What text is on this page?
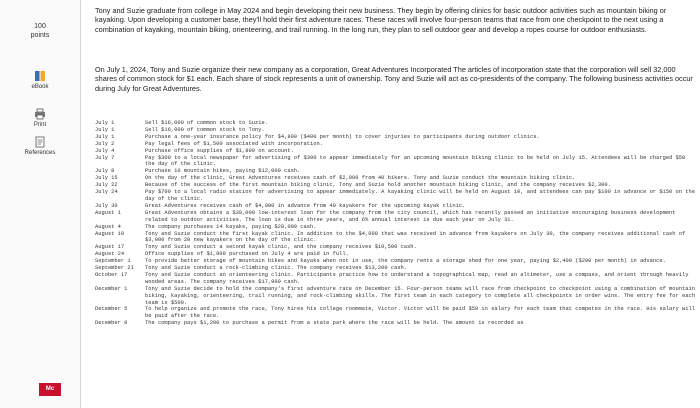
100
points
eBook
Print
References
Mc

Tony and Suzie graduate from college in May 2024 and begin developing their new business. They begin by offering clinics for basic outdoor activities such as mountain biking or kayaking. Upon developing a customer base, they'll hold their first adventure races. These races will involve four-person teams that race from one checkpoint to the next using a combination of kayaking, mountain biking, orienteering, and trail running. In the long run, they plan to sell outdoor gear and develop a ropes course for outdoor enthusiasts.

On July 1, 2024, Tony and Suzie organize their new company as a corporation, Great Adventures Incorporated The articles of incorporation state that the corporation will sell 32,000 shares of common stock for $1 each. Each share of stock represents a unit of ownership. Tony and Suzie will act as co-presidents of the company. The following business activities occur during July for Great Adventures.

July 1	Sell $16,000 of common stock to Suzie.
July 1	Sell $16,000 of common stock to Tony.
July 1	Purchase a one-year insurance policy for $4,800 ($400 per month) to cover injuries to participants during outdoor clinics.
July 2	Pay legal fees of $1,500 associated with incorporation.
July 4	Purchase office supplies of $1,800 on account.
July 7	Pay $300 to a local newspaper for advertising of $300 to appear immediately for an upcoming mountain biking clinic to be held on July 15. Attendees will be charged $50 the day of the clinic.
July 8	Purchase 10 mountain bikes, paying $12,000 cash.
July 15	On the day of the clinic, Great Adventures receives cash of $2,000 from 40 bikers. Tony and Suzie conduct the mountain biking clinic.
July 22	Because of the success of the first mountain biking clinic, Tony and Suzie hold another mountain biking clinic, and the company receives $2,300.
July 24	Pay $700 to a local radio station for advertising to appear immediately. A kayaking clinic will be held on August 10, and attendees can pay $100 in advance or $150 on the day of the clinic.
July 30	Great Adventures receives cash of $4,000 in advance from 40 kayakers for the upcoming kayak clinic.
August 1	Great Adventures obtains a $30,000 low-interest loan for the company from the city council, which has recently passed an initiative encouraging business development related to outdoor activities. The loan is due in three years, and 6% annual interest is due each year on July 31.
August 4	The company purchases 14 kayaks, paying $28,000 cash.
August 10	Tony and Suzie conduct the first kayak clinic. In addition to the $4,000 that was received in advance from kayakers on July 30, the company receives additional cash of $3,000 from 20 new kayakers on the day of the clinic.
August 17	Tony and Suzie conduct a second kayak clinic, and the company receives $10,500 cash.
August 24	Office supplies of $1,800 purchased on July 4 are paid in full.
September 1	To provide better storage of mountain bikes and kayaks when not in use, the company rents a storage shed for one year, paying $2,400 ($200 per month) in advance.
September 21	Tony and Suzie conduct a rock-climbing clinic. The company receives $13,200 cash.
October 17	Tony and Suzie conduct an orienteering clinic. Participants practice how to understand a topographical map, read an altimeter, use a compass, and orient through heavily wooded areas. The company receives $17,900 cash.
December 1	Tony and Suzie decide to hold the company's first adventure race on December 15. Four-person teams will race from checkpoint to checkpoint using a combination of mountain biking, kayaking, orienteering, trail running, and rock-climbing skills. The first team in each category to complete all checkpoints in order wins. The entry fee for each team is $500.
December 5	To help organize and promote the race, Tony hires his college roommate, Victor. Victor will be paid $50 in salary for each team that competes in the race. His salary will be paid after the race.
December 8	The company pays $1,200 to purchase a permit from a state park where the race will be held. The amount is recorded as
